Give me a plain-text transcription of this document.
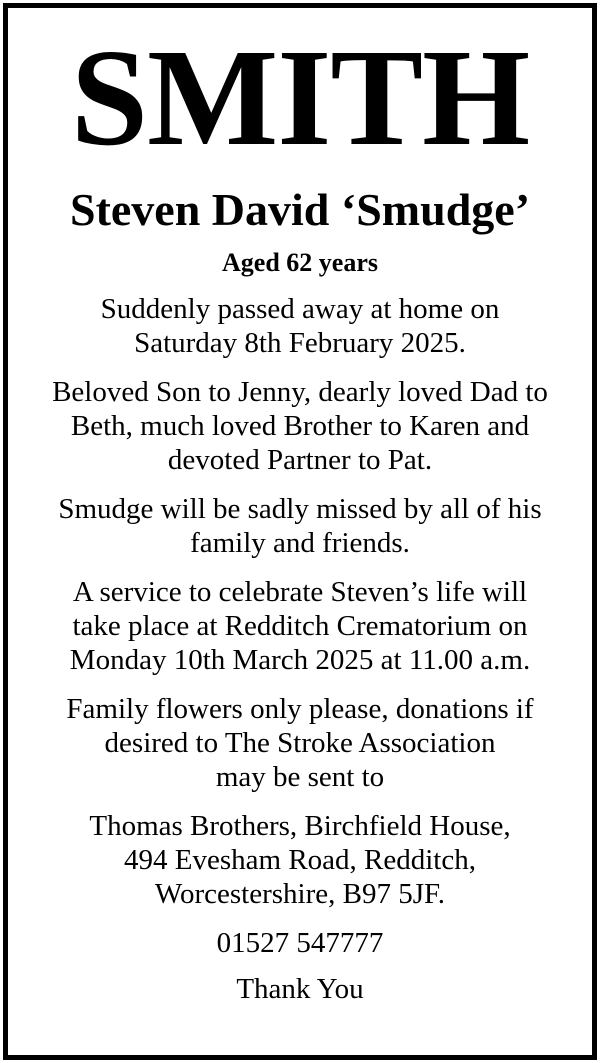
SMITH
Steven David ‘Smudge’
Aged 62 years

Suddenly passed away at home on
Saturday 8th February 2025.

Beloved Son to Jenny, dearly loved Dad to
Beth, much loved Brother to Karen and
devoted Partner to Pat.

Smudge will be sadly missed by all of his
family and friends.

A service to celebrate Steven’s life will
take place at Redditch Crematorium on
Monday 10th March 2025 at 11.00 a.m.

Family flowers only please, donations if
desired to The Stroke Association
may be sent to

Thomas Brothers, Birchfield House,
494 Evesham Road, Redditch,
Worcestershire, B97 5JF.

01527 547777

Thank You
